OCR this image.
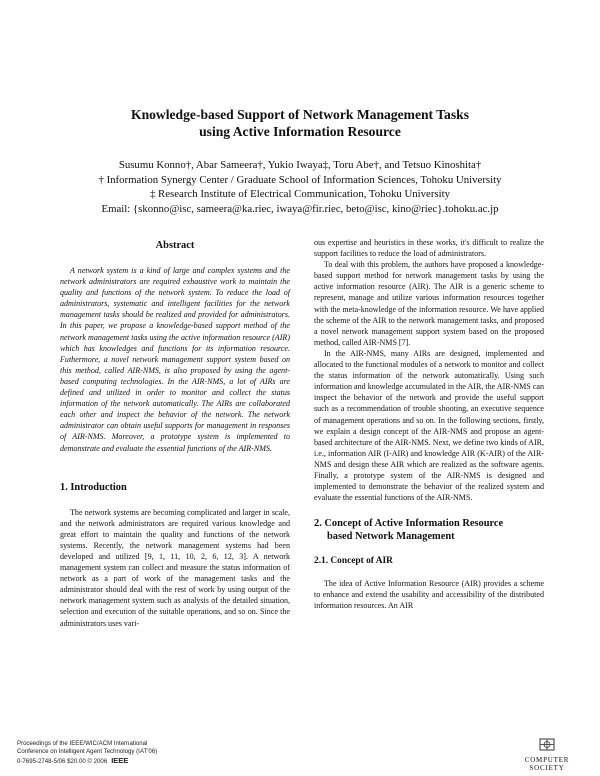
Knowledge-based Support of Network Management Tasks
using Active Information Resource
Susumu Konno†, Abar Sameera†, Yukio Iwaya‡, Toru Abe†, and Tetsuo Kinoshita†
† Information Synergy Center / Graduate School of Information Sciences, Tohoku University
‡ Research Institute of Electrical Communication, Tohoku University
Email: {skonno@isc, sameera@ka.riec, iwaya@fir.riec, beto@isc, kino@riec}.tohoku.ac.jp
Abstract

A network system is a kind of large and complex systems and the network administrators are required exhaustive work to maintain the quality and functions of the network system. To reduce the load of administrators, systematic and intelligent facilities for the network management tasks should be realized and provided for administrators. In this paper, we propose a knowledge-based support method of the network management tasks using the active information resource (AIR) which has knowledges and functions for its information resource. Futhermore, a novel network management support system based on this method, called AIR-NMS, is also proposed by using the agent-based computing technologies. In the AIR-NMS, a lot of AIRs are defined and utilized in order to monitor and collect the status information of the network automatically. The AIRs are collaborated each other and inspect the behavior of the network. The network administrator can obtain useful supports for management in responses of AIR-NMS. Moreover, a prototype system is implemented to demonstrate and evaluate the essential functions of the AIR-NMS.

1. Introduction

The network systems are becoming complicated and larger in scale, and the network administrators are required various knowledge and great effort to maintain the quality and functions of the network systems. Recently, the network management systems had been developed and utilized [9, 1, 11, 10, 2, 6, 12, 3]. A network management system can collect and measure the status information of network as a part of work of the management tasks and the administrator should deal with the rest of work by using output of the network management system such as analysis of the detailed situation, selection and execution of the suitable operations, and so on. Since the administrators uses vari-

ous expertise and heuristics in these works, it's difficult to realize the support facilities to reduce the load of administrators.

To deal with this problem, the authors have proposed a knowledge-based support method for network management tasks by using the active information resource (AIR). The AIR is a generic scheme to represent, manage and utilize various information resources together with the meta-knowledge of the information resource. We have applied the scheme of the AIR to the network management tasks, and proposed a novel network management support system based on the proposed method, called AIR-NMS [7].

In the AIR-NMS, many AIRs are designed, implemented and allocated to the functional modules of a network to monitor and collect the status information of the network automatically. Using such information and knowledge accumulated in the AIR, the AIR-NMS can inspect the behavior of the network and provide the useful support such as a recommendation of trouble shooting, an executive sequence of management operations and so on. In the following sections, firstly, we explain a design concept of the AIR-NMS and propose an agent-based architecture of the AIR-NMS. Next, we define two kinds of AIR, i.e., information AIR (I-AIR) and knowledge AIR (K-AIR) of the AIR-NMS and design these AIR which are realized as the software agents. Finally, a prototype system of the AIR-NMS is designed and implemented to demonstrate the behavior of the realized system and evaluate the essential functions of the AIR-NMS.

2. Concept of Active Information Resource
based Network Management
2.1. Concept of AIR

The idea of Active Information Resource (AIR) provides a scheme to enhance and extend the usability and accessibility of the distributed information resources. An AIR

Proceedings of the IEEE/WIC/ACM International
Conference on Intelligent Agent Technology (IAT'06)
0-7695-2748-5/06 $20.00 © 2006 IEEE	COMPUTER
SOCIETY
